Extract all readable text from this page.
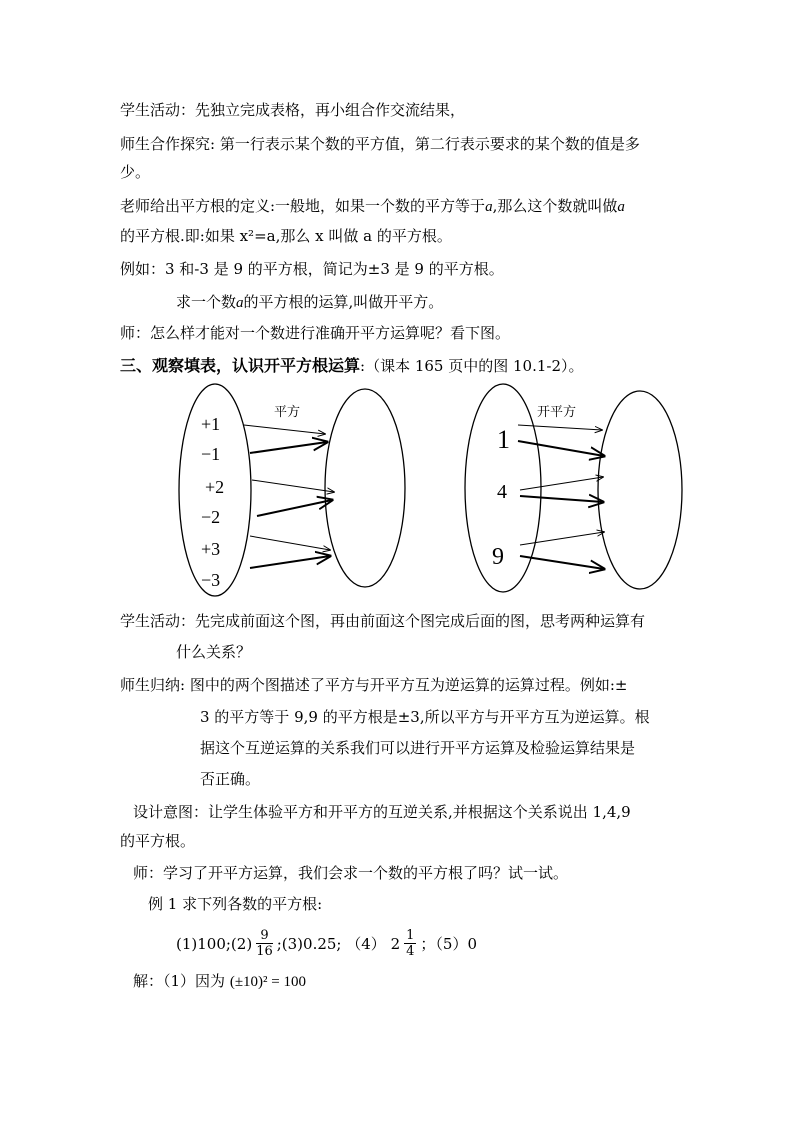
学生活动：先独立完成表格，再小组合作交流结果，
师生合作探究: 第一行表示某个数的平方值，第二行表示要求的某个数的值是多
少。
老师给出平方根的定义:一般地，如果一个数的平方等于a,那么这个数就叫做a
的平方根.即:如果 x²=a,那么 x 叫做 a 的平方根。
例如：3 和-3 是 9 的平方根，简记为±3 是 9 的平方根。
求一个数a的平方根的运算,叫做开平方。
师：怎么样才能对一个数进行准确开平方运算呢？看下图。
三、观察填表，认识开平方根运算:（课本 165 页中的图 10.1-2）。
平方
+1
−1
+2
−2
+3
−3
开平方
1
4
9
学生活动：先完成前面这个图，再由前面这个图完成后面的图，思考两种运算有
什么关系？
师生归纳: 图中的两个图描述了平方与开平方互为逆运算的运算过程。例如:±
3 的平方等于 9,9 的平方根是±3,所以平方与开平方互为逆运算。根
据这个互逆运算的关系我们可以进行开平方运算及检验运算结果是
否正确。
设计意图：让学生体验平方和开平方的互逆关系,并根据这个关系说出 1,4,9
的平方根。
师：学习了开平方运算，我们会求一个数的平方根了吗？试一试。
例 1 求下列各数的平方根:
(1)100;(2) $\frac{9}{16}$ ;(3)0.25; （4） $2 \frac{1}{4}$ ；（5）0
解：（1）因为 (±10)² = 100
